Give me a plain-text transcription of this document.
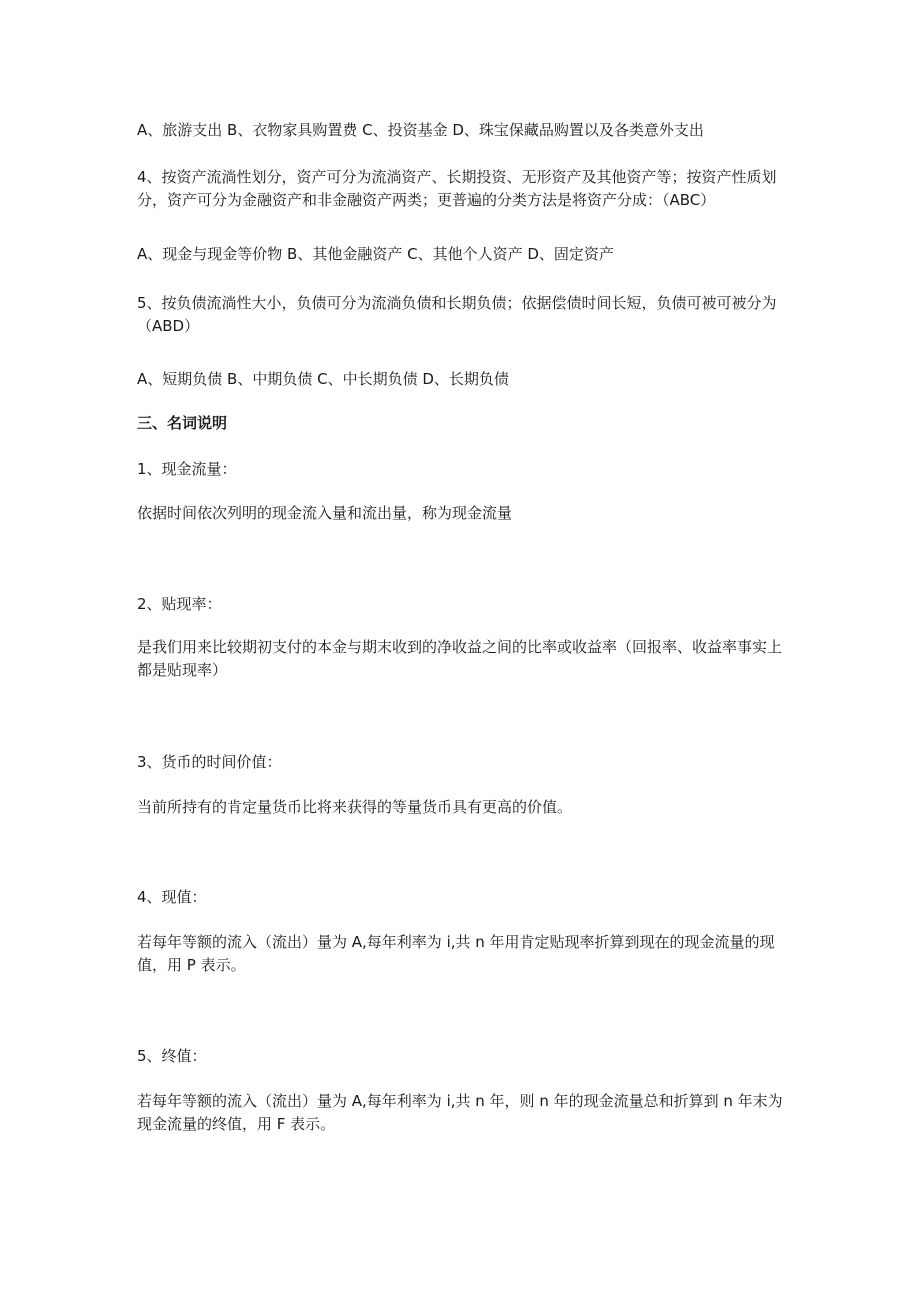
A、旅游支出 B、衣物家具购置费 C、投资基金 D、珠宝保藏品购置以及各类意外支出

4、按资产流淌性划分，资产可分为流淌资产、长期投资、无形资产及其他资产等；按资产性质划分，资产可分为金融资产和非金融资产两类；更普遍的分类方法是将资产分成：（ABC）

A、现金与现金等价物 B、其他金融资产 C、其他个人资产 D、固定资产

5、按负债流淌性大小，负债可分为流淌负债和长期负债；依据偿债时间长短，负债可被可被分为（ABD）

A、短期负债 B、中期负债 C、中长期负债 D、长期负债

三、名词说明

1、现金流量：

依据时间依次列明的现金流入量和流出量，称为现金流量

2、贴现率：

是我们用来比较期初支付的本金与期末收到的净收益之间的比率或收益率（回报率、收益率事实上都是贴现率）

3、货币的时间价值：

当前所持有的肯定量货币比将来获得的等量货币具有更高的价值。

4、现值：

若每年等额的流入（流出）量为 A,每年利率为 i,共 n 年用肯定贴现率折算到现在的现金流量的现值，用 P 表示。

5、终值：

若每年等额的流入（流出）量为 A,每年利率为 i,共 n 年，则 n 年的现金流量总和折算到 n 年末为现金流量的终值，用 F 表示。
